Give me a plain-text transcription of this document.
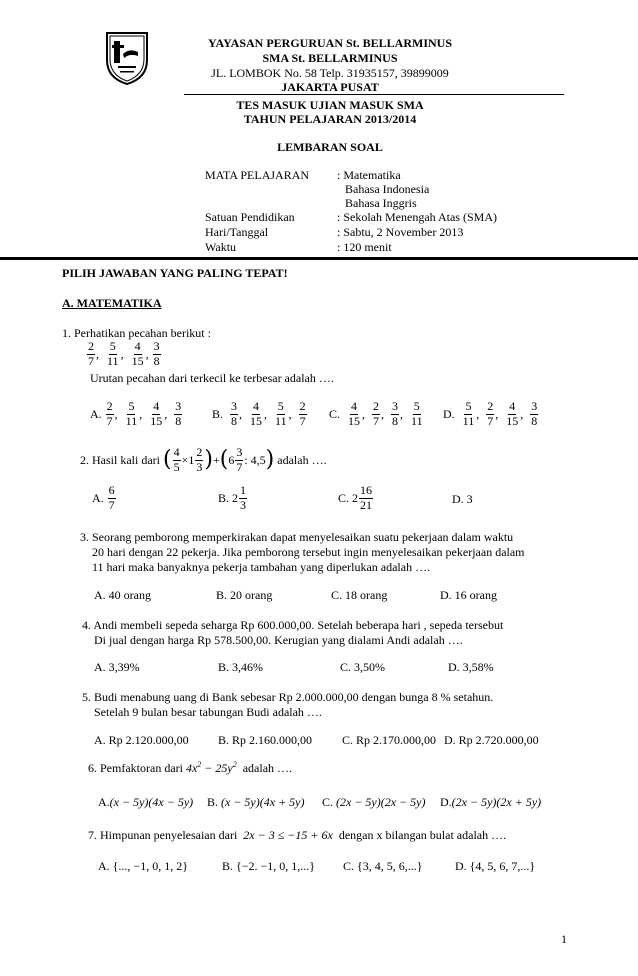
YAYASAN PERGURUAN St. BELLARMINUS
SMA St. BELLARMINUS
JL. LOMBOK No. 58 Telp. 31935157, 39899009
JAKARTA PUSAT
TES MASUK UJIAN MASUK SMA
TAHUN PELAJARAN 2013/2014
LEMBARAN SOAL
MATA PELAJARAN : Matematika
Bahasa Indonesia
Bahasa Inggris
Satuan Pendidikan	: Sekolah Menengah Atas (SMA)
Hari/Tanggal	: Sabtu, 2 November 2013
Waktu	: 120 menit
PILIH JAWABAN YANG PALING TEPAT!
A. MATEMATIKA
1. Perhatikan pecahan berikut :
$\frac{2}{7}$ , $\frac{5}{11}$ , $\frac{4}{15}$ , $\frac{3}{8}$
Urutan pecahan dari terkecil ke terbesar adalah ….
A.
$\frac{2}{7}$ , $\frac{5}{11}$ , $\frac{4}{15}$ , $\frac{3}{8} B$.
$\frac{3}{8}$ , $\frac{4}{15}$ , $\frac{5}{11}$ , $\frac{2}{7} C$.
$\frac{4}{15}$ , $\frac{2}{7}$ , $\frac{3}{8}$ , $\frac{5}{11} D$.
$\frac{5}{11}$ , $\frac{2}{7}$ , $\frac{4}{15}$ , $\frac{3}{8}$
2. Hasil kali dari
( $\frac{4}{5} \times 1 \frac{2}{3}$ ) + ( $6 \frac{3}{7}$ : 4,5 )
adalah ….
A.
$\frac{6}{7}$	B.
$2 \frac{1}{3}$	C.
$2 \frac{16}{21}$	D. 3
3. Seorang pemborong memperkirakan dapat menyelesaikan suatu pekerjaan dalam waktu
20 hari dengan 22 pekerja. Jika pemborong tersebut ingin menyelesaikan pekerjaan dalam
11 hari maka banyaknya pekerja tambahan yang diperlukan adalah ….
A. 40 orang	B. 20 orang	C. 18 orang	D. 16 orang
4. Andi membeli sepeda seharga Rp 600.000,00. Setelah beberapa hari , sepeda tersebut
Di jual dengan harga Rp 578.500,00. Kerugian yang dialami Andi adalah ….
A. 3,39%	B. 3,46%	C. 3,50%	D. 3,58%
5. Budi menabung uang di Bank sebesar Rp 2.000.000,00 dengan bunga 8 % setahun.
Setelah 9 bulan besar tabungan Budi adalah ….
A. Rp 2.120.000,00 B. Rp 2.160.000,00 C. Rp 2.170.000,00 D. Rp 2.720.000,00
6. Pemfaktoran dari
$4x^2 - 25y^2$
adalah ….
A. (x − 5y)(4x − 5y) B.
(x − 5y)(4x + 5y) C.
(2x − 5y)(2x − 5y) D. (2x − 5y)(2x + 5y)
7. Himpunan penyelesaian dari
2x − 3 ≤ −15 + 6x
dengan x bilangan bulat adalah ….
A.
{..., −1, 0, 1, 2}	B.
{−2. −1, 0, 1,...} C.
{3, 4, 5, 6,...}	D.
{4, 5, 6, 7,...}
1
